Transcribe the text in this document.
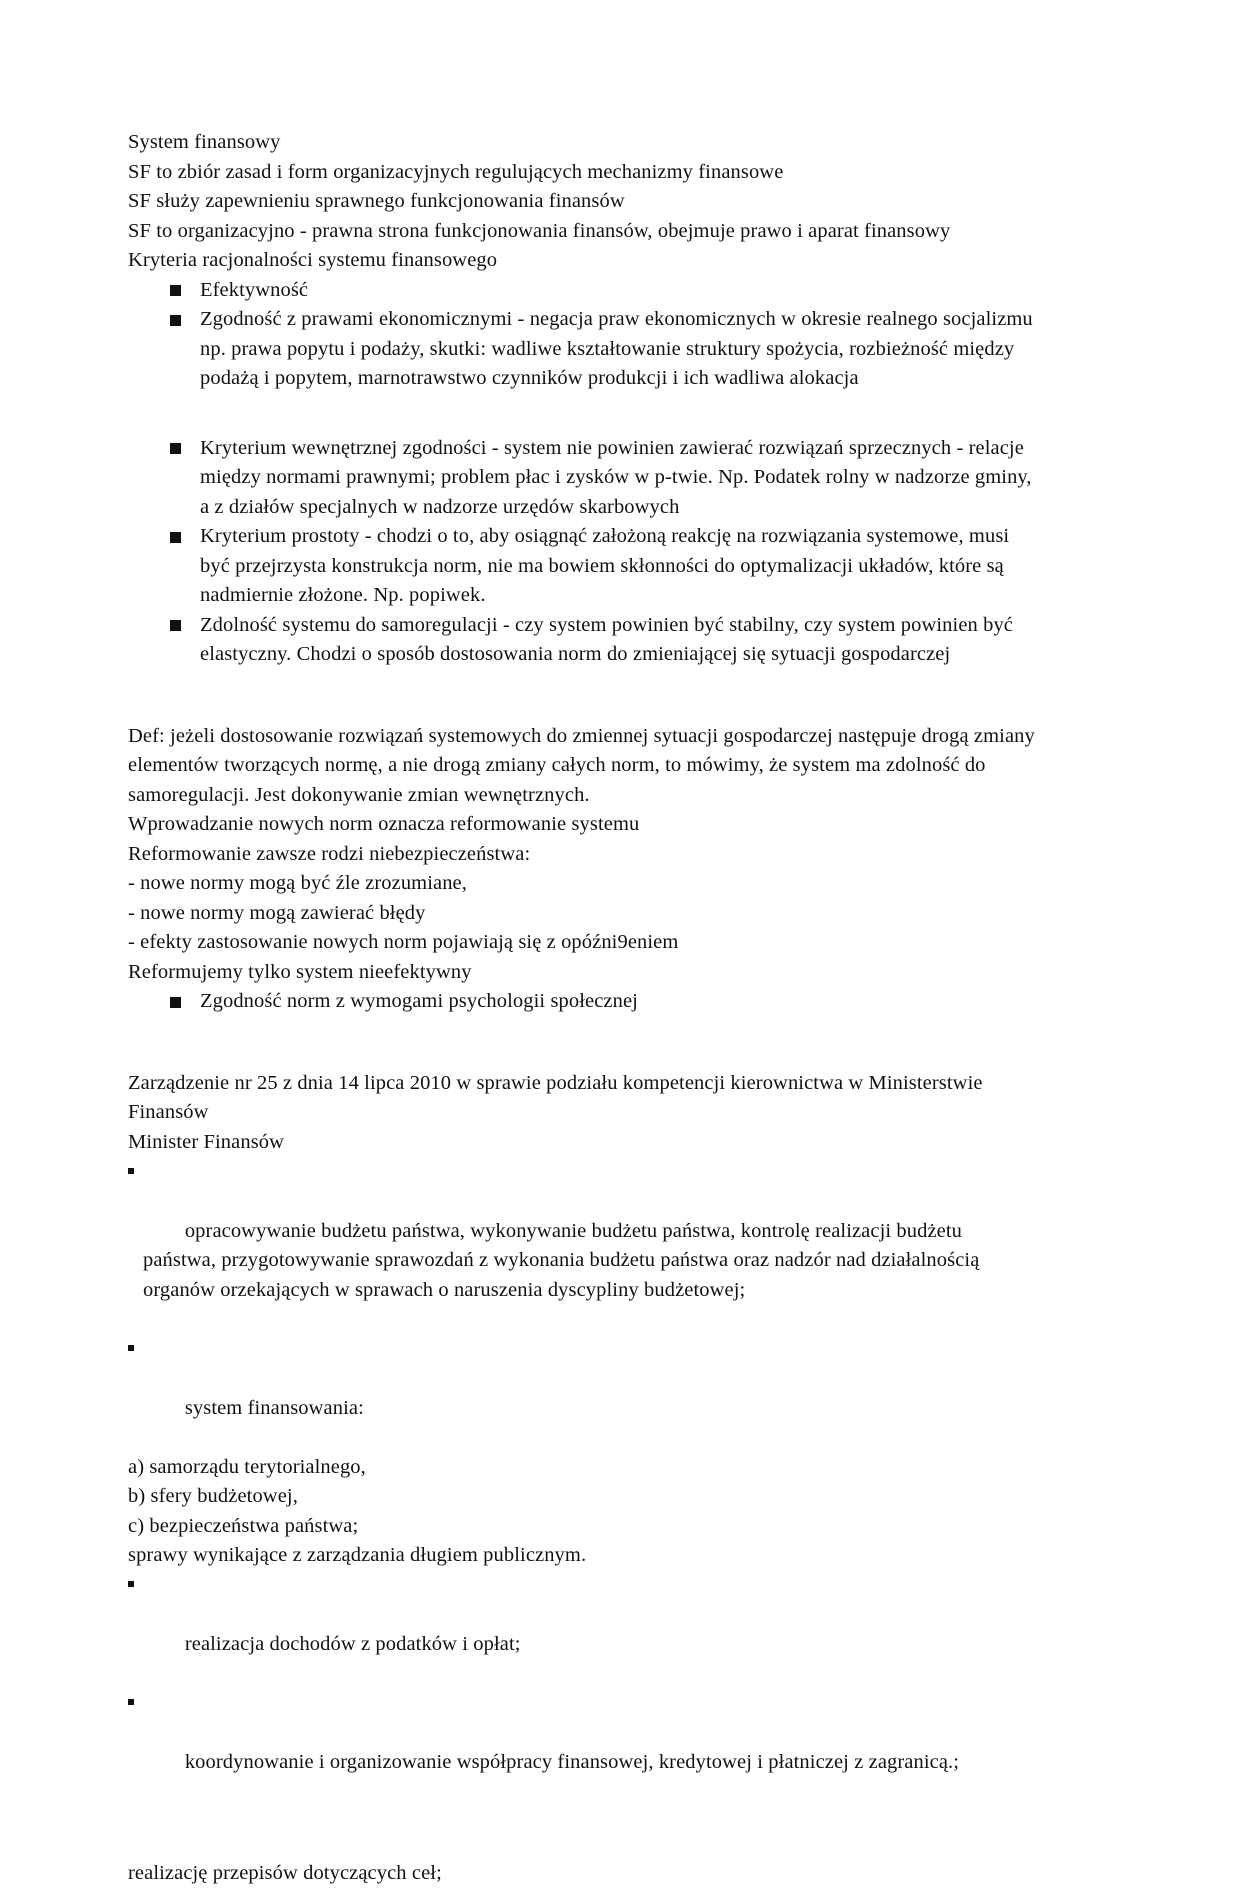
System finansowy
SF to zbiór zasad i form organizacyjnych regulujących mechanizmy finansowe
SF służy zapewnieniu sprawnego funkcjonowania finansów
SF to organizacyjno - prawna strona funkcjonowania finansów, obejmuje prawo i aparat finansowy
Kryteria racjonalności systemu finansowego
Efektywność
Zgodność z prawami ekonomicznymi - negacja praw ekonomicznych w okresie realnego socjalizmu np. prawa popytu i podaży, skutki: wadliwe kształtowanie struktury spożycia, rozbieżność między podażą i popytem, marnotrawstwo czynników produkcji i ich wadliwa alokacja
Kryterium wewnętrznej zgodności - system nie powinien zawierać rozwiązań sprzecznych - relacje między normami prawnymi; problem płac i zysków w p-twie. Np. Podatek rolny w nadzorze gminy, a z działów specjalnych w nadzorze urzędów skarbowych
Kryterium prostoty - chodzi o to, aby osiągnąć założoną reakcję na rozwiązania systemowe, musi być przejrzysta konstrukcja norm, nie ma bowiem skłonności do optymalizacji układów, które są nadmiernie złożone. Np. popiwek.
Zdolność systemu do samoregulacji - czy system powinien być stabilny, czy system powinien być elastyczny. Chodzi o sposób dostosowania norm do zmieniającej się sytuacji gospodarczej
Def: jeżeli dostosowanie rozwiązań systemowych do zmiennej sytuacji gospodarczej następuje drogą zmiany elementów tworzących normę, a nie drogą zmiany całych norm, to mówimy, że system ma zdolność do samoregulacji. Jest dokonywanie zmian wewnętrznych.
Wprowadzanie nowych norm oznacza reformowanie systemu
Reformowanie zawsze rodzi niebezpieczeństwa:
- nowe normy mogą być źle zrozumiane,
- nowe normy mogą zawierać błędy
- efekty zastosowanie nowych norm pojawiają się z opóźni9eniem
Reformujemy tylko system nieefektywny
Zgodność norm z wymogami psychologii społecznej
Zarządzenie nr 25 z dnia 14 lipca 2010 w sprawie podziału kompetencji kierownictwa w Ministerstwie Finansów
Minister Finansów

opracowywanie budżetu państwa, wykonywanie budżetu państwa, kontrolę realizacji budżetu państwa, przygotowywanie sprawozdań z wykonania budżetu państwa oraz nadzór nad działalnością organów orzekających w sprawach o naruszenia dyscypliny budżetowej;

system finansowania:

a) samorządu terytorialnego,
b) sfery budżetowej,
c) bezpieczeństwa państwa;
sprawy wynikające z zarządzania długiem publicznym.

realizacja dochodów z podatków i opłat;

koordynowanie i organizowanie współpracy finansowej, kredytowej i płatniczej z zagranicą.;

realizację przepisów dotyczących ceł;
